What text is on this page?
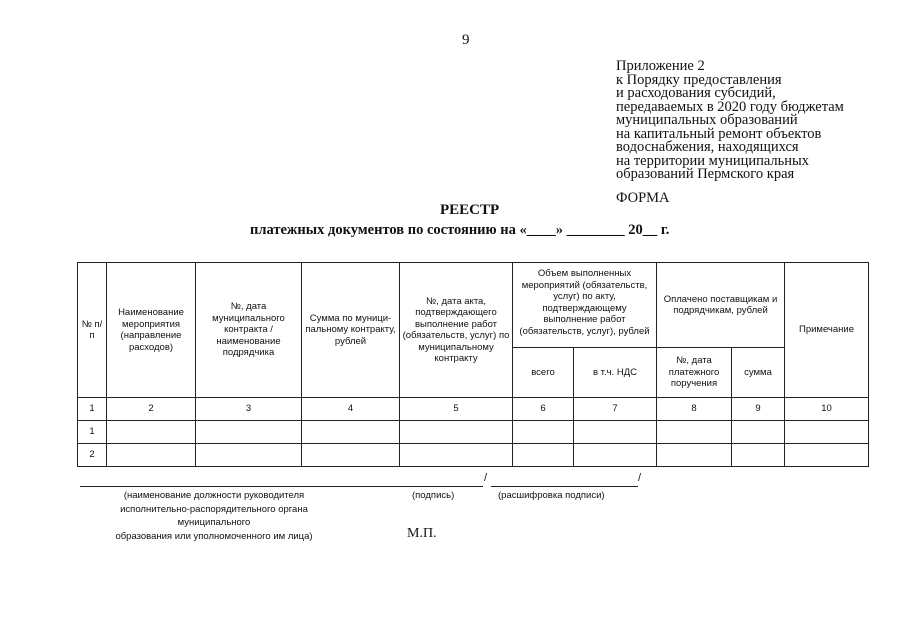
9
Приложение 2
к Порядку предоставления
и расходования субсидий,
передаваемых в 2020 году бюджетам
муниципальных образований
на капитальный ремонт объектов
водоснабжения, находящихся
на территории муниципальных
образований Пермского края
ФОРМА
РЕЕСТР
платежных документов по состоянию на «____» ________ 20__ г.
№ п/п	Наименование мероприятия (направление расходов)	№, дата муниципального контракта / наименование подрядчика	Сумма по муници-пальному контракту, рублей	№, дата акта, подтверждающего выполнение работ (обязательств, услуг) по муниципальному контракту	Объем выполненных мероприятий (обязательств, услуг) по акту, подтверждающему выполнение работ (обязательств, услуг), рублей		Оплачено поставщикам и подрядчикам, рублей		Примечание
					всего	в т.ч. НДС	№, дата платежного поручения	сумма	
1	2	3	4	5	6	7	8	9	10
1									
2									
/	/
(наименование должности руководителя
исполнительно-распорядительного органа муниципального
образования или уполномоченного им лица)
(подпись)	(расшифровка подписи)
М.П.
